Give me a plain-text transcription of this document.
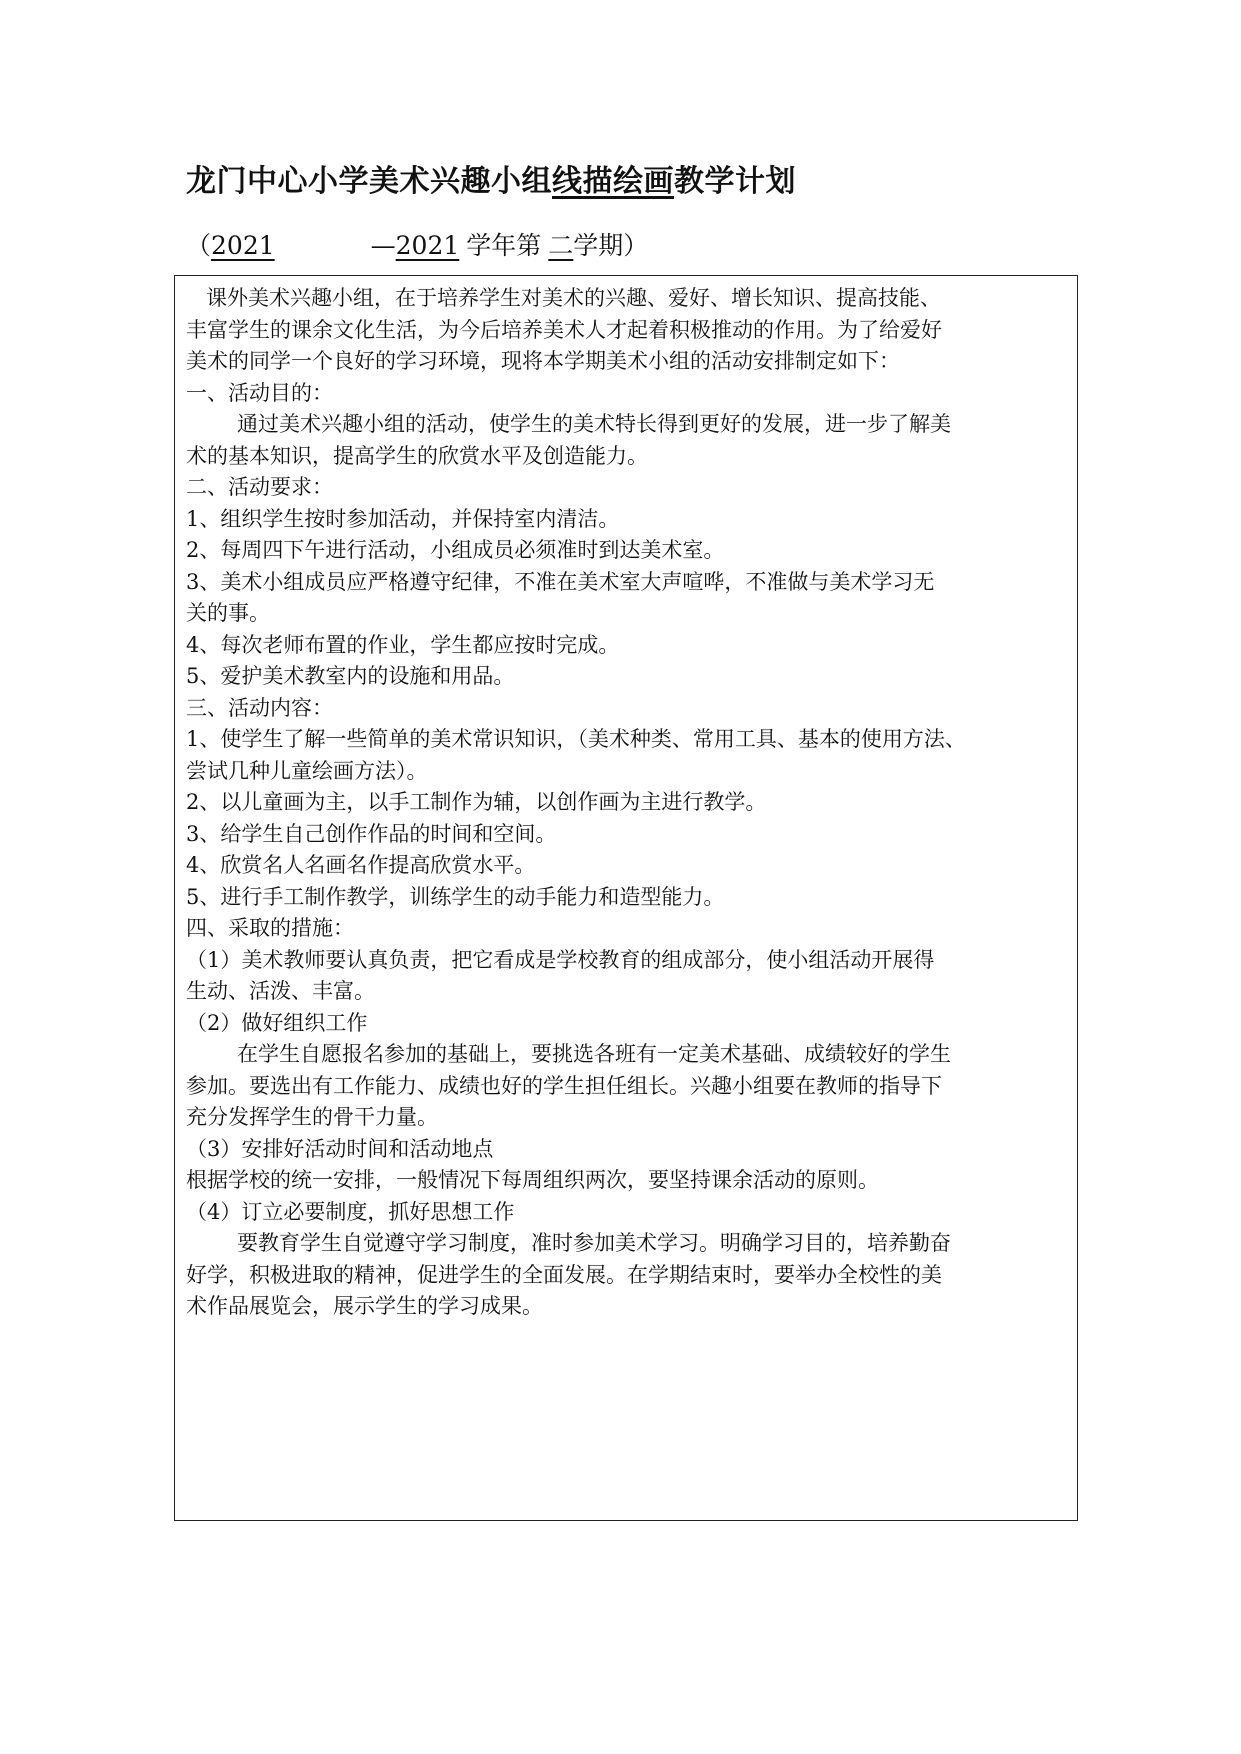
龙门中心小学美术兴趣小组线描绘画教学计划
（2021	—2021 学年第 二学期）
课外美术兴趣小组，在于培养学生对美术的兴趣、爱好、增长知识、提高技能、
丰富学生的课余文化生活，为今后培养美术人才起着积极推动的作用。为了给爱好
美术的同学一个良好的学习环境，现将本学期美术小组的活动安排制定如下：
一、活动目的：
通过美术兴趣小组的活动，使学生的美术特长得到更好的发展，进一步了解美
术的基本知识，提高学生的欣赏水平及创造能力。
二、活动要求：
1、组织学生按时参加活动，并保持室内清洁。
2、每周四下午进行活动，小组成员必须准时到达美术室。
3、美术小组成员应严格遵守纪律，不准在美术室大声喧哗，不准做与美术学习无
关的事。
4、每次老师布置的作业，学生都应按时完成。
5、爱护美术教室内的设施和用品。
三、活动内容：
1、使学生了解一些简单的美术常识知识，（美术种类、常用工具、基本的使用方法、
尝试几种儿童绘画方法）。
2、以儿童画为主，以手工制作为辅，以创作画为主进行教学。
3、给学生自己创作作品的时间和空间。
4、欣赏名人名画名作提高欣赏水平。
5、进行手工制作教学，训练学生的动手能力和造型能力。
四、采取的措施：
（1）美术教师要认真负责，把它看成是学校教育的组成部分，使小组活动开展得
生动、活泼、丰富。
（2）做好组织工作
在学生自愿报名参加的基础上，要挑选各班有一定美术基础、成绩较好的学生
参加。要选出有工作能力、成绩也好的学生担任组长。兴趣小组要在教师的指导下
充分发挥学生的骨干力量。
（3）安排好活动时间和活动地点
根据学校的统一安排，一般情况下每周组织两次，要坚持课余活动的原则。
（4）订立必要制度，抓好思想工作
要教育学生自觉遵守学习制度，准时参加美术学习。明确学习目的，培养勤奋
好学，积极进取的精神，促进学生的全面发展。在学期结束时，要举办全校性的美
术作品展览会，展示学生的学习成果。
